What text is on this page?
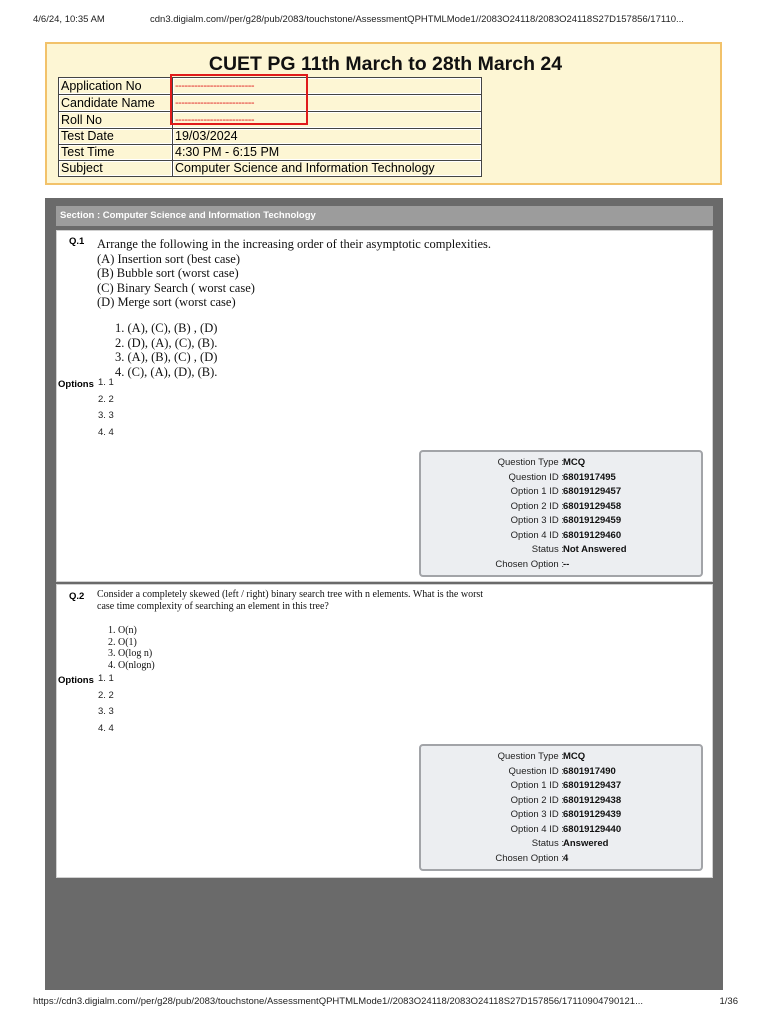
4/6/24, 10:35 AM	cdn3.digialm.com//per/g28/pub/2083/touchstone/AssessmentQPHTMLMode1//2083O24118/2083O24118S27D157856/17110...
CUET PG 11th March to 28th March 24
Application No	-------------------------
Candidate Name	-------------------------
Roll No	-------------------------
Test Date	19/03/2024
Test Time	4:30 PM - 6:15 PM
Subject	Computer Science and Information Technology
Section : Computer Science and Information Technology
Q.1 Arrange the following in the increasing order of their asymptotic complexities.
(A) Insertion sort (best case)
(B) Bubble sort (worst case)
(C) Binary Search ( worst case)
(D) Merge sort (worst case)
1. (A), (C), (B) , (D)
2. (D), (A), (C), (B).
3. (A), (B), (C) , (D)
4. (C), (A), (D), (B).
Options 1. 1
2. 2
3. 3
4. 4
Question Type : MCQ
Question ID : 6801917495
Option 1 ID : 68019129457
Option 2 ID : 68019129458
Option 3 ID : 68019129459
Option 4 ID : 68019129460
Status : Not Answered
Chosen Option : --
Q.2 Consider a completely skewed (left / right) binary search tree with n elements. What is the worst
case time complexity of searching an element in this tree?
1. O(n)
2. O(1)
3. O(log n)
4. O(nlogn)
Options 1. 1
2. 2
3. 3
4. 4
Question Type : MCQ
Question ID : 6801917490
Option 1 ID : 68019129437
Option 2 ID : 68019129438
Option 3 ID : 68019129439
Option 4 ID : 68019129440
Status : Answered
Chosen Option : 4
https://cdn3.digialm.com//per/g28/pub/2083/touchstone/AssessmentQPHTMLMode1//2083O24118/2083O24118S27D157856/17110904790121...	1/36
